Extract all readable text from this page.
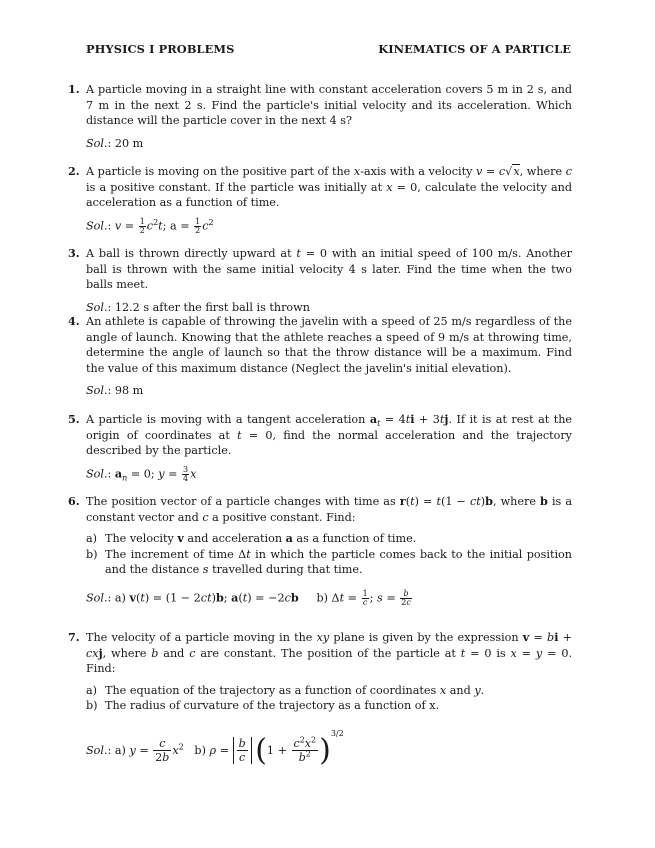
PHYSICS I PROBLEMS	KINEMATICS OF A PARTICLE
1. A particle moving in a straight line with constant acceleration covers 5 m in 2 s, and 7 m in the next 2 s. Find the particle's initial velocity and its acceleration. Which distance will the particle cover in the next 4 s?
Sol.: 20 m
2. A particle is moving on the positive part of the x-axis with a velocity v = c√x, where c is a positive constant. If the particle was initially at x = 0, calculate the velocity and acceleration as a function of time.
Sol.: $v = \frac{1}{2} c^2t$; $a = \frac{1}{2} c^2$
3. A ball is thrown directly upward at t = 0 with an initial speed of 100 m/s. Another ball is thrown with the same initial velocity 4 s later. Find the time when the two balls meet.
Sol.: 12.2 s after the first ball is thrown
4. An athlete is capable of throwing the javelin with a speed of 25 m/s regardless of the angle of launch. Knowing that the athlete reaches a speed of 9 m/s at throwing time, determine the angle of launch so that the throw distance will be a maximum. Find the value of this maximum distance (Neglect the javelin's initial elevation).
Sol.: 98 m
5. A particle is moving with a tangent acceleration $a_t = 4ti + 3tj$. If it is at rest at the origin of coordinates at t = 0, find the normal acceleration and the trajectory described by the particle.
Sol.: $a_n = 0$; $y = \frac{3}{4}$ x
6. The position vector of a particle changes with time as r(t) = t(1 − ct)b, where b is a constant vector and c a positive constant. Find:
a) The velocity v and acceleration a as a function of time.
b) The increment of time Δt in which the particle comes back to the initial position and the distance s travelled during that time.
Sol.: a) v(t) = (1 − 2ct)b; a(t) = −2cb     b) $\Delta t = \frac{1}{c}$ ; $s = \frac{b}{2c}$
7. The velocity of a particle moving in the xy plane is given by the expression v = bi + cxj, where b and c are constant. The position of the particle at t = 0 is x = y = 0. Find:
a) The equation of the trajectory as a function of coordinates x and y.
b) The radius of curvature of the trajectory as a function of x.
Sol.: a) $y = \frac{c}{2b} x^2$   b) $\rho = \frac{b}{c} (1 + \frac{c^2x^2}{b^2} )^{3/2}$
